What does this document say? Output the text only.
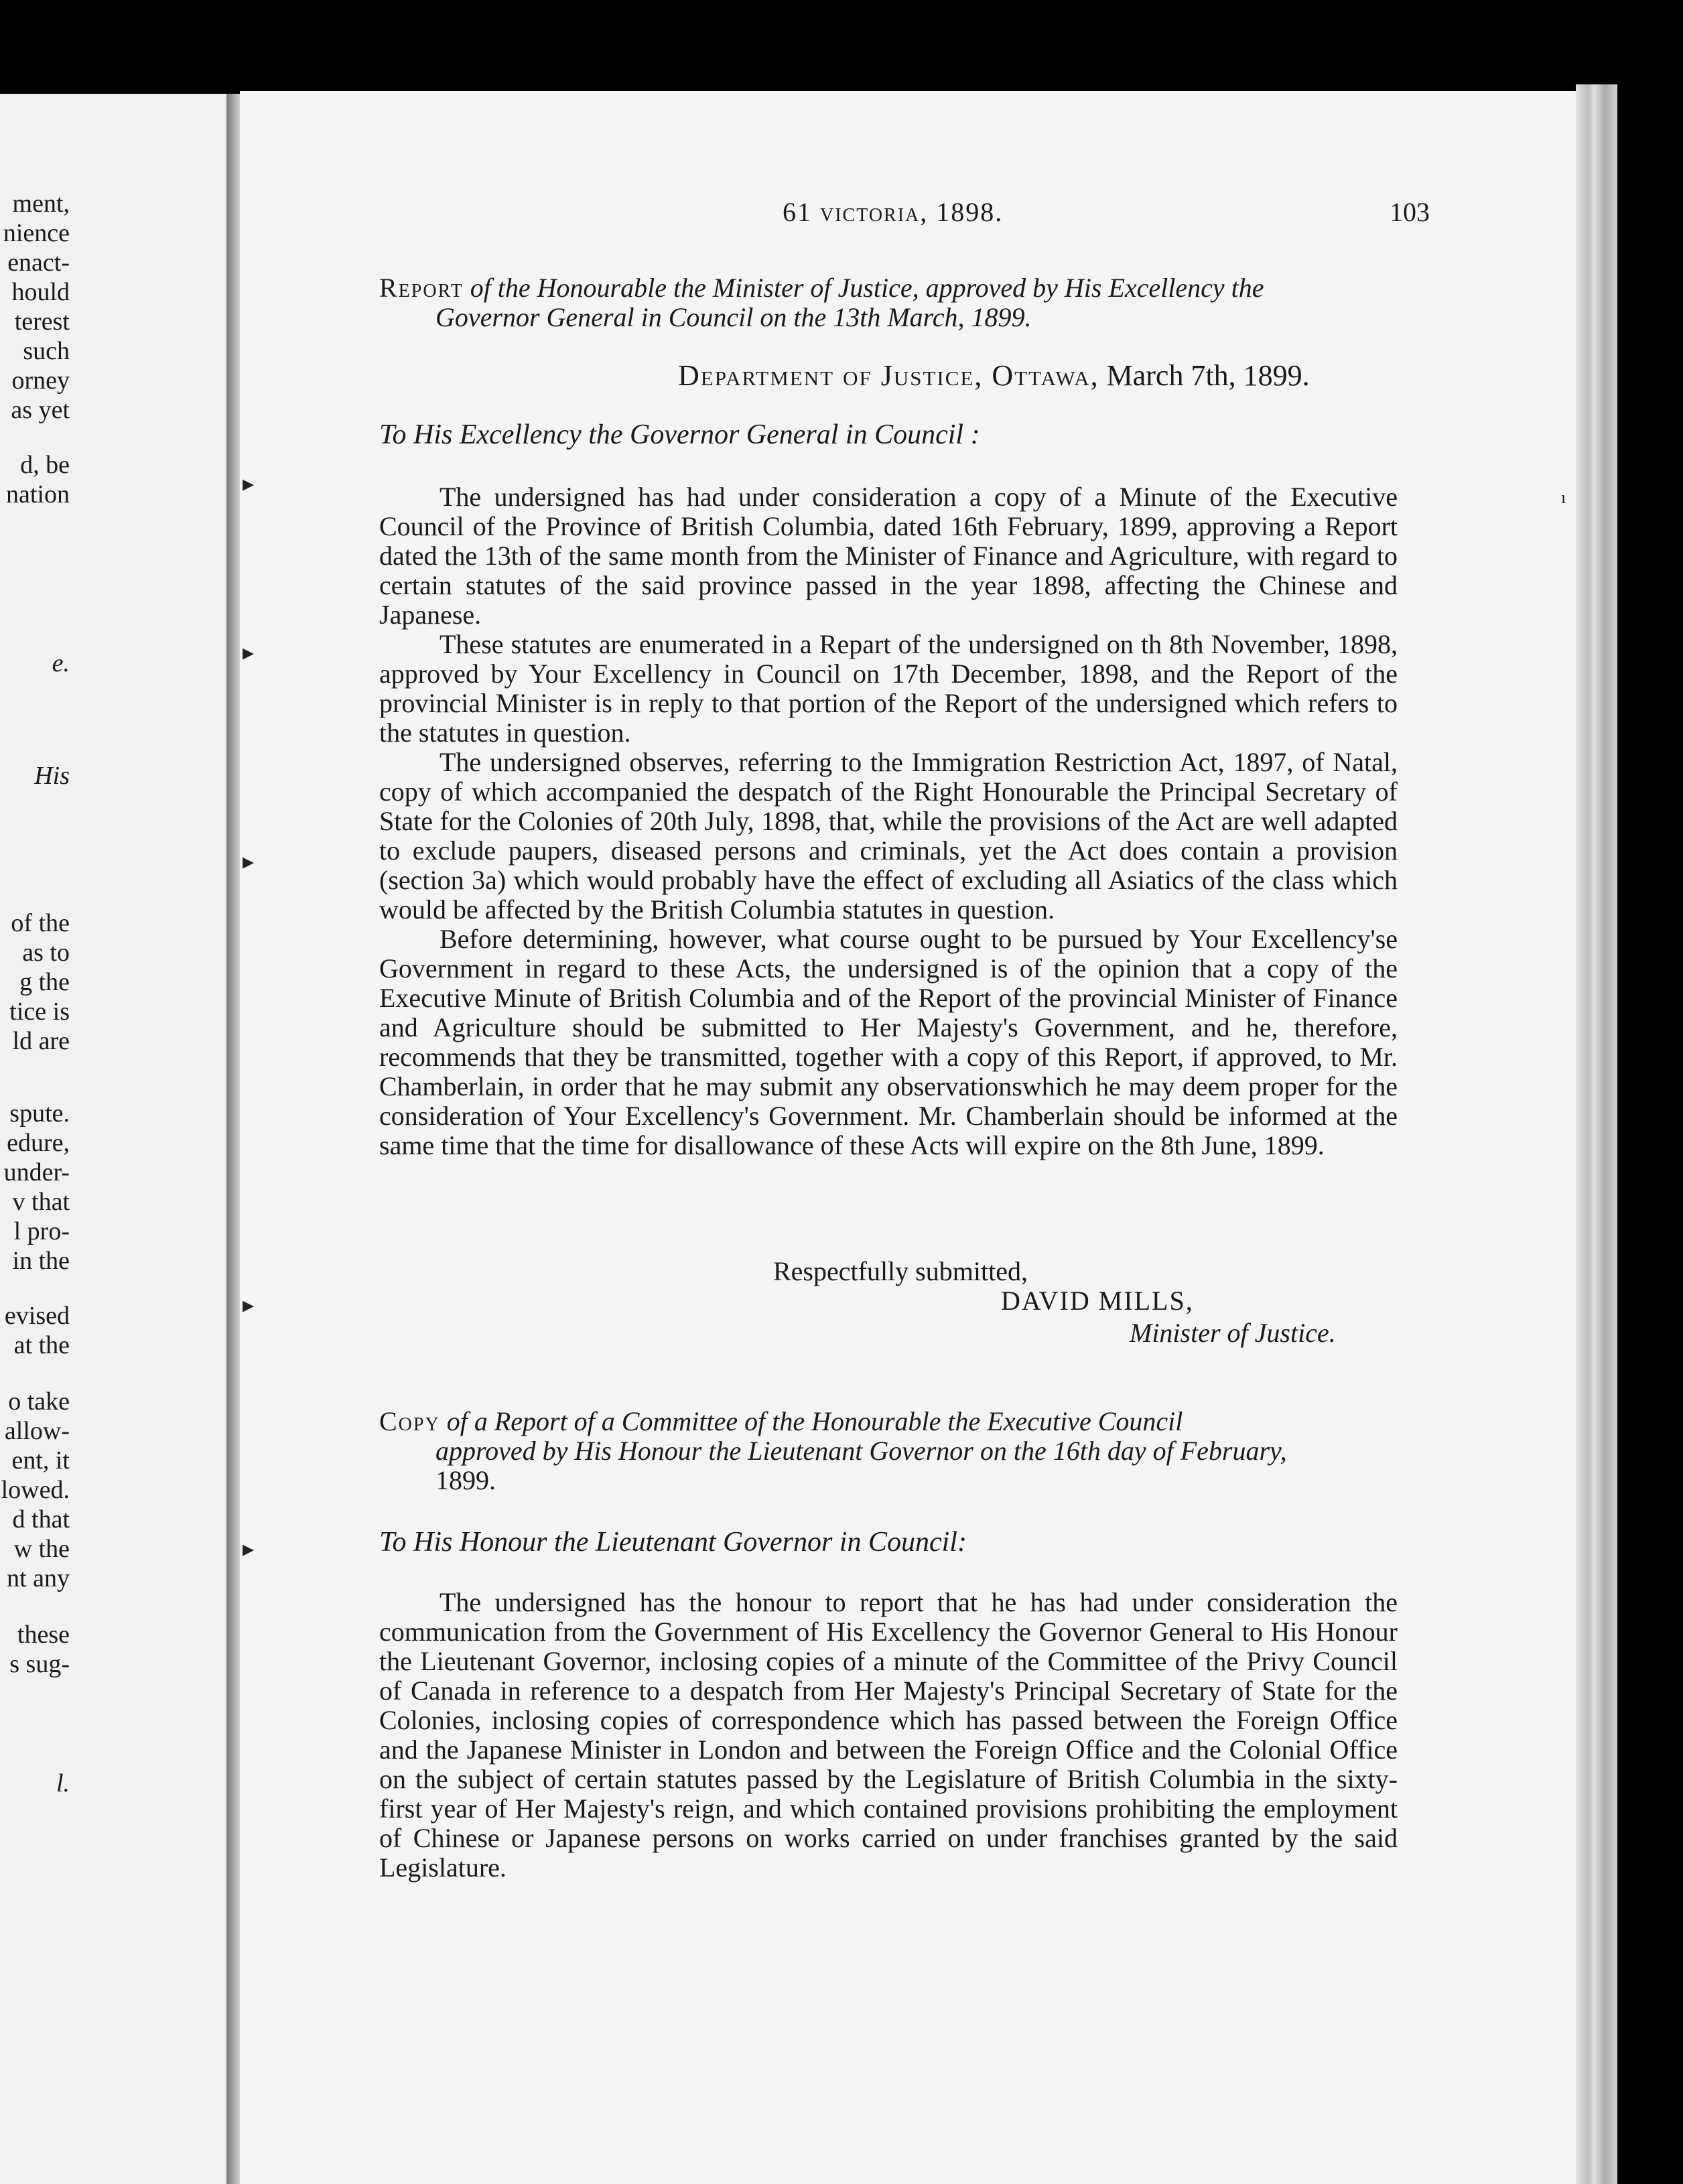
ment,
nience
enact-
hould
terest
such
orney
as yet
d, be
nation
e.
His
of the
as to
g the
tice is
ld are
spute.
edure,
under-
v that
l pro-
in the
evised
at the
o take
allow-
ent, it
lowed.
d that
w the
nt any
these
s sug-
l.
▸
▸
▸
▸
▸
ı
61 victoria, 1898.	103
Report of the Honourable the Minister of Justice, approved by His Excellency the
Governor General in Council on the 13th March, 1899.
Department of Justice, Ottawa, March 7th, 1899.
To His Excellency the Governor General in Council :

The undersigned has had under consideration a copy of a Minute of the Executive Council of the Province of British Columbia, dated 16th February, 1899, approving a Report dated the 13th of the same month from the Minister of Finance and Agriculture, with regard to certain statutes of the said province passed in the year 1898, affecting the Chinese and Japanese.

These statutes are enumerated in a Repart of the undersigned on th 8th November, 1898, approved by Your Excellency in Council on 17th December, 1898, and the Report of the provincial Minister is in reply to that portion of the Report of the undersigned which refers to the statutes in question.

The undersigned observes, referring to the Immigration Restriction Act, 1897, of Natal, copy of which accompanied the despatch of the Right Honourable the Principal Secretary of State for the Colonies of 20th July, 1898, that, while the provisions of the Act are well adapted to exclude paupers, diseased persons and criminals, yet the Act does contain a provision (section 3a) which would probably have the effect of excluding all Asiatics of the class which would be affected by the British Columbia statutes in question.

Before determining, however, what course ought to be pursued by Your Excellency'se Government in regard to these Acts, the undersigned is of the opinion that a copy of the Executive Minute of British Columbia and of the Report of the provincial Minister of Finance and Agriculture should be submitted to Her Majesty's Government, and he, therefore, recommends that they be transmitted, together with a copy of this Report, if approved, to Mr. Chamberlain, in order that he may submit any observationswhich he may deem proper for the consideration of Your Excellency's Government. Mr. Chamberlain should be informed at the same time that the time for disallowance of these Acts will expire on the 8th June, 1899.

Respectfully submitted,
DAVID MILLS,
Minister of Justice.
Copy of a Report of a Committee of the Honourable the Executive Council
approved by His Honour the Lieutenant Governor on the 16th day of February,
1899.
To His Honour the Lieutenant Governor in Council:

The undersigned has the honour to report that he has had under consideration the communication from the Government of His Excellency the Governor General to His Honour the Lieutenant Governor, inclosing copies of a minute of the Committee of the Privy Council of Canada in reference to a despatch from Her Majesty's Principal Secretary of State for the Colonies, inclosing copies of correspondence which has passed between the Foreign Office and the Japanese Minister in London and between the Foreign Office and the Colonial Office on the subject of certain statutes passed by the Legislature of British Columbia in the sixty-first year of Her Majesty's reign, and which contained provisions prohibiting the employment of Chinese or Japanese persons on works carried on under franchises granted by the said Legislature.
